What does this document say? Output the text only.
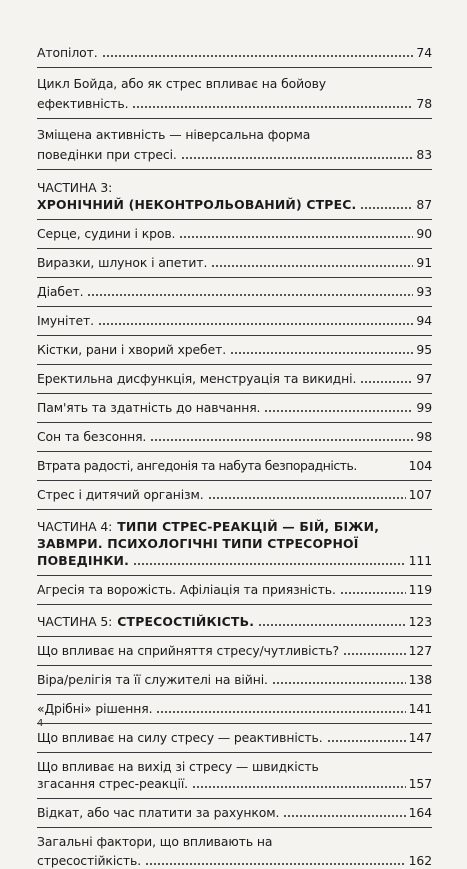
Атопілот.	74
Цикл Бойда, або як стрес впливає на бойову
ефективність.	78
Зміщена активність — ніверсальна форма
поведінки при стресі.	83
ЧАСТИНА 3:
ХРОНІЧНИЙ (НЕКОНТРОЛЬОВАНИЙ) СТРЕС.	87
Серце, судини і кров.	90
Виразки, шлунок і апетит.	91
Діабет.	93
Імунітет.	94
Кістки, рани і хворий хребет.	95
Еректильна дисфункція, менструація та викидні.	97
Пам'ять та здатність до навчання.	99
Сон та безсоння.	98
Втрата радості, ангедонія та набута безпорадність.	104
Стрес і дитячий організм.	107
ЧАСТИНА 4: ТИПИ СТРЕС-РЕАКЦІЙ — БІЙ, БІЖИ,
ЗАВМРИ. ПСИХОЛОГІЧНІ ТИПИ СТРЕСОРНОЇ
ПОВЕДІНКИ.	111
Агресія та ворожість. Афіліація та приязність.	119
ЧАСТИНА 5: СТРЕСОСТІЙКІСТЬ.	123
Що впливає на сприйняття стресу/чутливість?	127
Віра/релігія та її служителі на війні.	138
«Дрібні» рішення.	141
Що впливає на силу стресу — реактивність.	147
Що впливає на вихід зі стресу — швидкість
згасання стрес-реакції.	157
Відкат, або час платити за рахунком.	164
Загальні фактори, що впливають на
стресостійкість.	162
4
